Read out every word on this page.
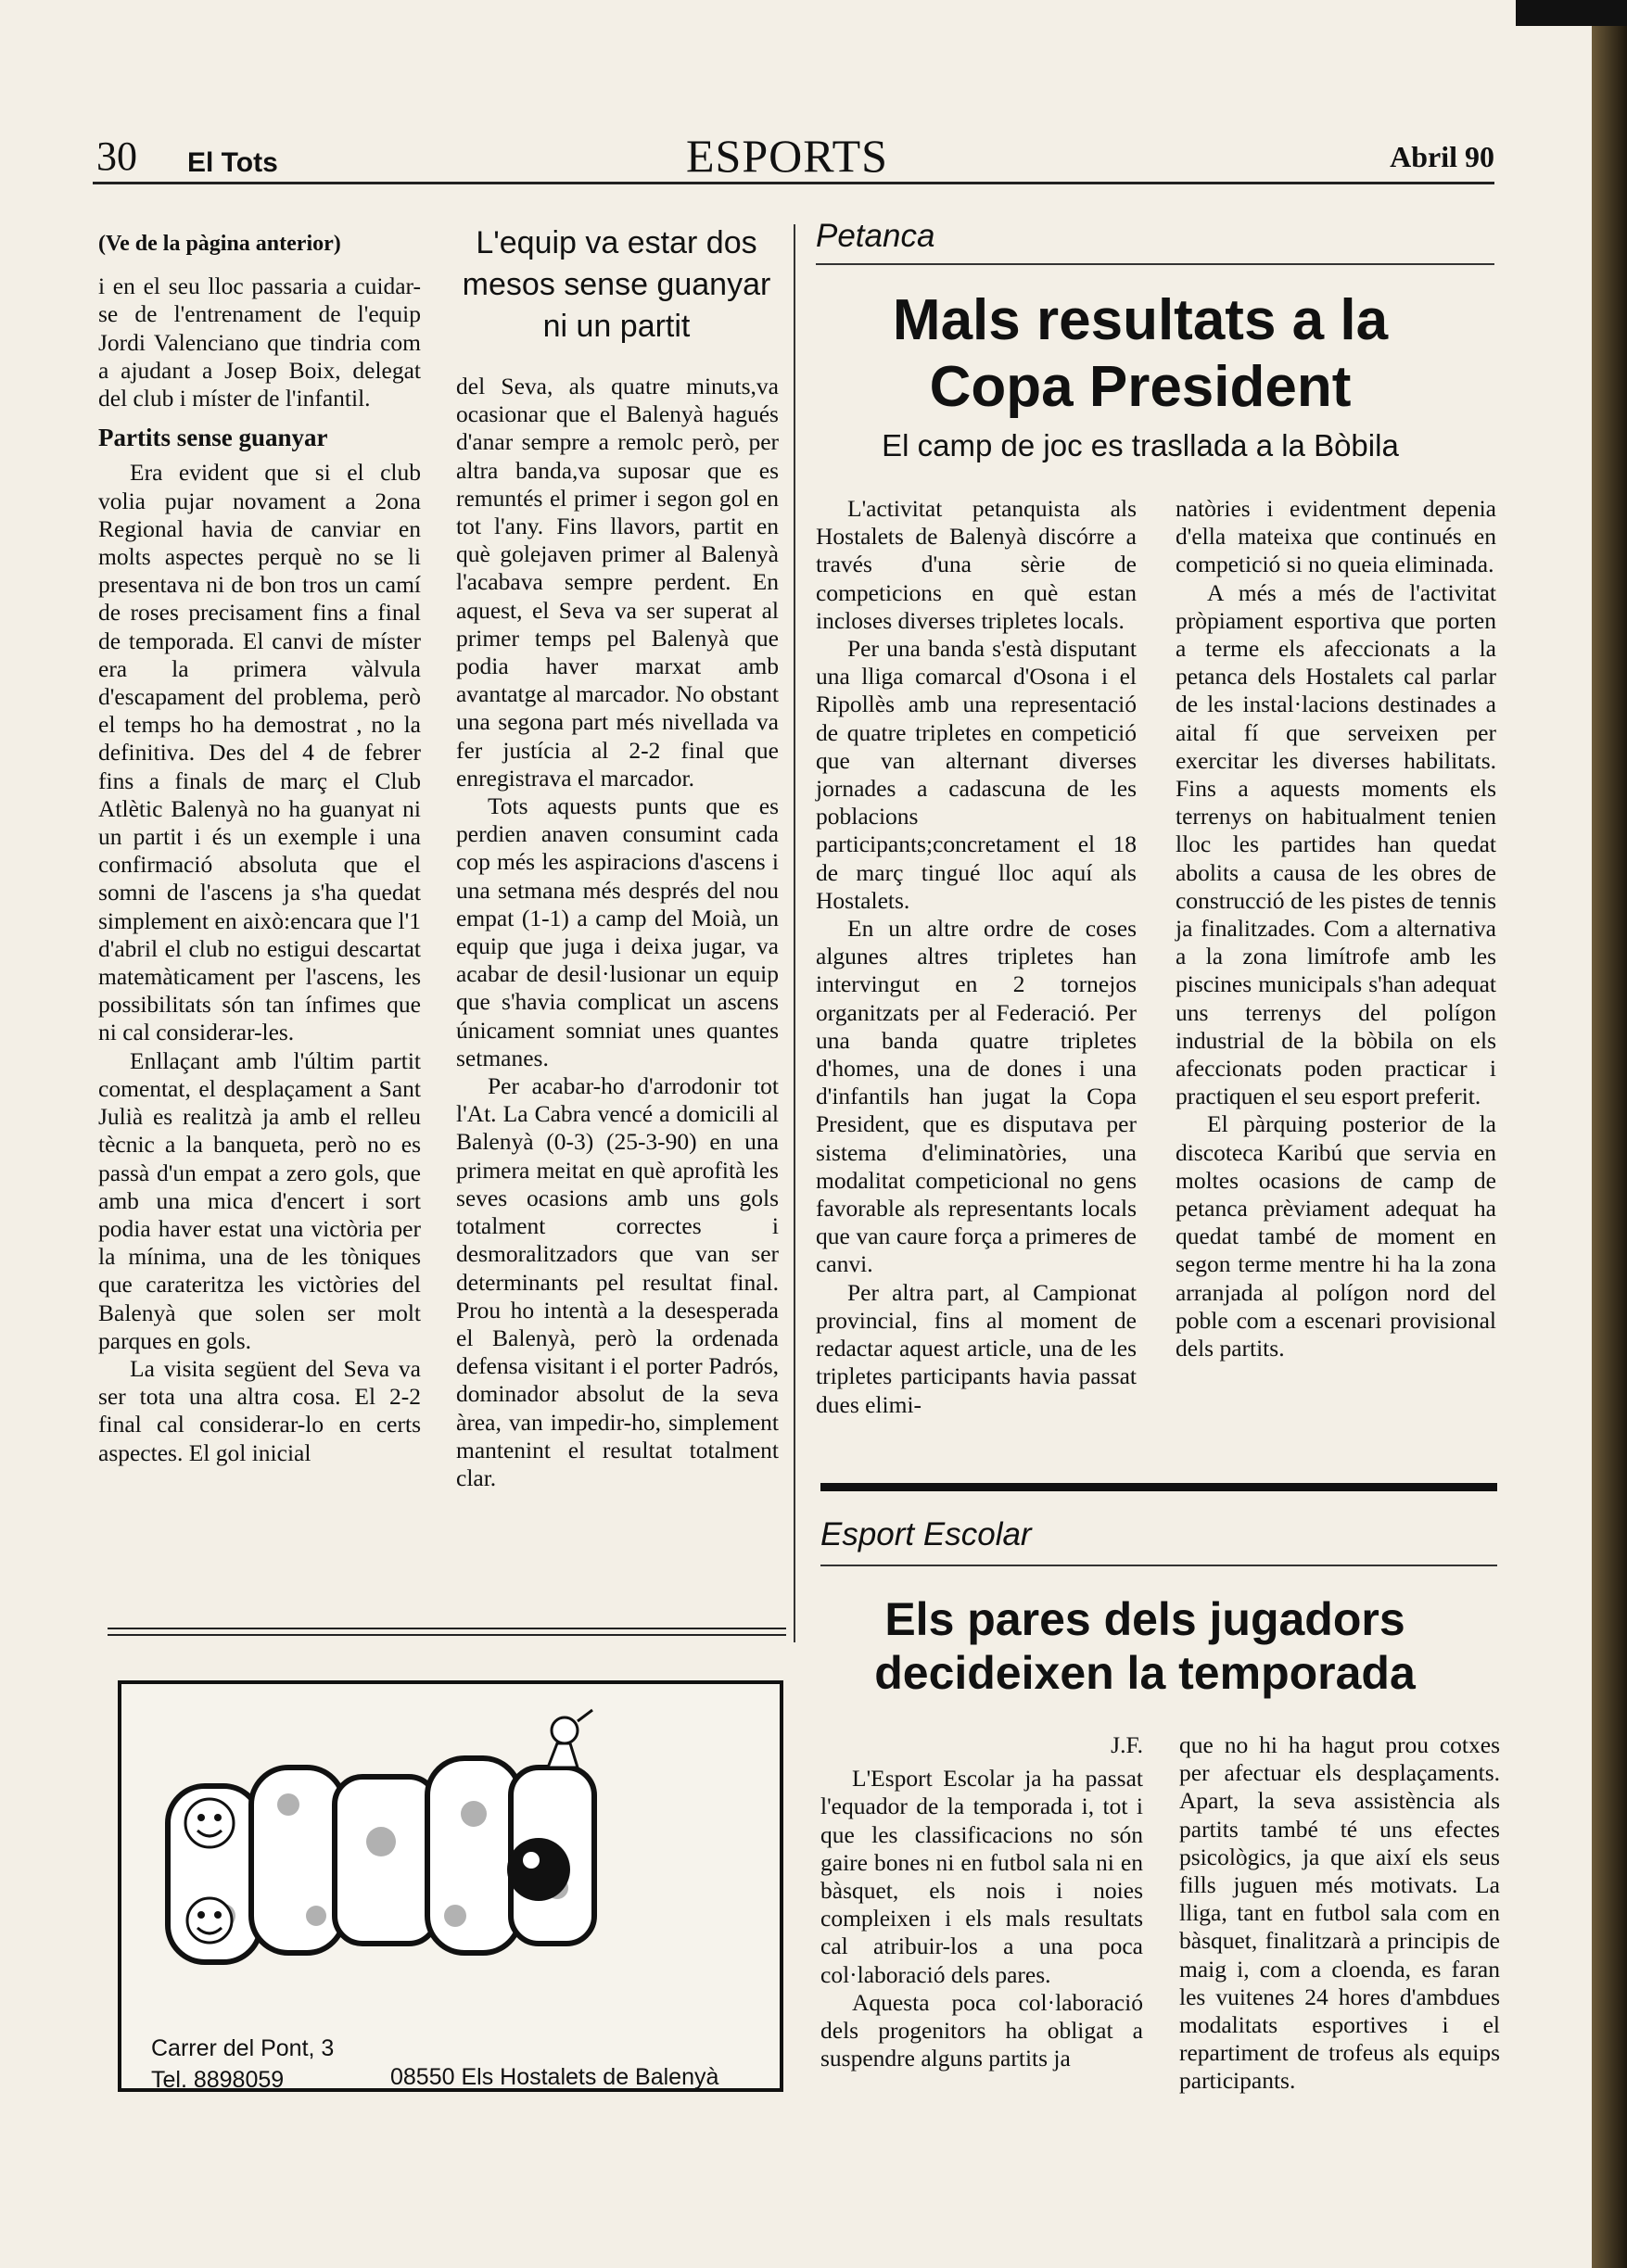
30 El Tots	ESPORTS	Abril 90
(Ve de la pàgina anterior)

i en el seu lloc passaria a cuidar-se de l'entrenament de l'equip Jordi Valenciano que tindria com a ajudant a Josep Boix, delegat del club i míster de l'infantil.

Partits sense guanyar

Era evident que si el club volia pujar novament a 2ona Regional havia de canviar en molts aspectes perquè no se li presentava ni de bon tros un camí de roses precisament fins a final de temporada. El canvi de míster era la primera vàlvula d'escapament del problema, però el temps ho ha demostrat , no la definitiva. Des del 4 de febrer fins a finals de març el Club Atlètic Balenyà no ha guanyat ni un partit i és un exemple i una confirmació absoluta que el somni de l'ascens ja s'ha quedat simplement en això:encara que l'1 d'abril el club no estigui descartat matemàticament per l'ascens, les possibilitats són tan ínfimes que ni cal considerar-les.

Enllaçant amb l'últim partit comentat, el desplaçament a Sant Julià es realitzà ja amb el relleu tècnic a la banqueta, però no es passà d'un empat a zero gols, que amb una mica d'encert i sort podia haver estat una victòria per la mínima, una de les tòniques que carateritza les victòries del Balenyà que solen ser molt parques en gols.

La visita següent del Seva va ser tota una altra cosa. El 2-2 final cal considerar-lo en certs aspectes. El gol inicial

L'equip va estar dos mesos sense guanyar ni un partit

del Seva, als quatre minuts,va ocasionar que el Balenyà hagués d'anar sempre a remolc però, per altra banda,va suposar que es remuntés el primer i segon gol en tot l'any. Fins llavors, partit en què golejaven primer al Balenyà l'acabava sempre perdent. En aquest, el Seva va ser superat al primer temps pel Balenyà que podia haver marxat amb avantatge al marcador. No obstant una segona part més nivellada va fer justícia al 2-2 final que enregistrava el marcador.

Tots aquests punts que es perdien anaven consumint cada cop més les aspiracions d'ascens i una setmana més després del nou empat (1-1) a camp del Moià, un equip que juga i deixa jugar, va acabar de desil·lusionar un equip que s'havia complicat un ascens únicament somniat unes quantes setmanes.

Per acabar-ho d'arrodonir tot l'At. La Cabra vencé a domicili al Balenyà (0-3) (25-3-90) en una primera meitat en què aprofità les seves ocasions amb uns gols totalment correctes i desmoralitzadors que van ser determinants pel resultat final. Prou ho intentà a la desesperada el Balenyà, però la ordenada defensa visitant i el porter Padrós, dominador absolut de la seva àrea, van impedir-ho, simplement mantenint el resultat totalment clar.

Petanca
Mals resultats a la Copa President
El camp de joc es trasllada a la Bòbila

L'activitat petanquista als Hostalets de Balenyà discórre a través d'una sèrie de competicions en què estan incloses diverses tripletes locals.

Per una banda s'està disputant una lliga comarcal d'Osona i el Ripollès amb una representació de quatre tripletes en competició que van alternant diverses jornades a cadascuna de les poblacions participants;concretament el 18 de març tingué lloc aquí als Hostalets.

En un altre ordre de coses algunes altres tripletes han intervingut en 2 tornejos organitzats per al Federació. Per una banda quatre tripletes d'homes, una de dones i una d'infantils han jugat la Copa President, que es disputava per sistema d'eliminatòries, una modalitat competicional no gens favorable als representants locals que van caure força a primeres de canvi.

Per altra part, al Campionat provincial, fins al moment de redactar aquest article, una de les tripletes participants havia passat dues elimi-

natòries i evidentment depenia d'ella mateixa que continués en competició si no queia eliminada.

A més a més de l'activitat pròpiament esportiva que porten a terme els afeccionats a la petanca dels Hostalets cal parlar de les instal·lacions destinades a aital fí que serveixen per exercitar les diverses habilitats. Fins a aquests moments els terrenys on habitualment tenien lloc les partides han quedat abolits a causa de les obres de construcció de les pistes de tennis ja finalitzades. Com a alternativa a la zona limítrofe amb les piscines municipals s'han adequat uns terrenys del polígon industrial de la bòbila on els afeccionats poden practicar i practiquen el seu esport preferit.

El pàrquing posterior de la discoteca Karibú que servia en moltes ocasions de camp de petanca prèviament adequat ha quedat també de moment en segon terme mentre hi ha la zona arranjada al polígon nord del poble com a escenari provisional dels partits.

Esport Escolar
Els pares dels jugadors decideixen la temporada

J.F.

L'Esport Escolar ja ha passat l'equador de la temporada i, tot i que les classificacions no són gaire bones ni en futbol sala ni en bàsquet, els nois i noies compleixen i els mals resultats cal atribuir-los a una poca col·laboració dels pares.

Aquesta poca col·laboració dels progenitors ha obligat a suspendre alguns partits ja

que no hi ha hagut prou cotxes per afectuar els desplaçaments. Apart, la seva assistència als partits també té uns efectes psicològics, ja que així els seus fills juguen més motivats. La lliga, tant en futbol sala com en bàsquet, finalitzarà a principis de maig i, com a cloenda, es faran les vuitenes 24 hores d'ambdues modalitats esportives i el repartiment de trofeus als equips participants.

Carrer del Pont, 3
Tel. 8898059	08550 Els Hostalets de Balenyà
